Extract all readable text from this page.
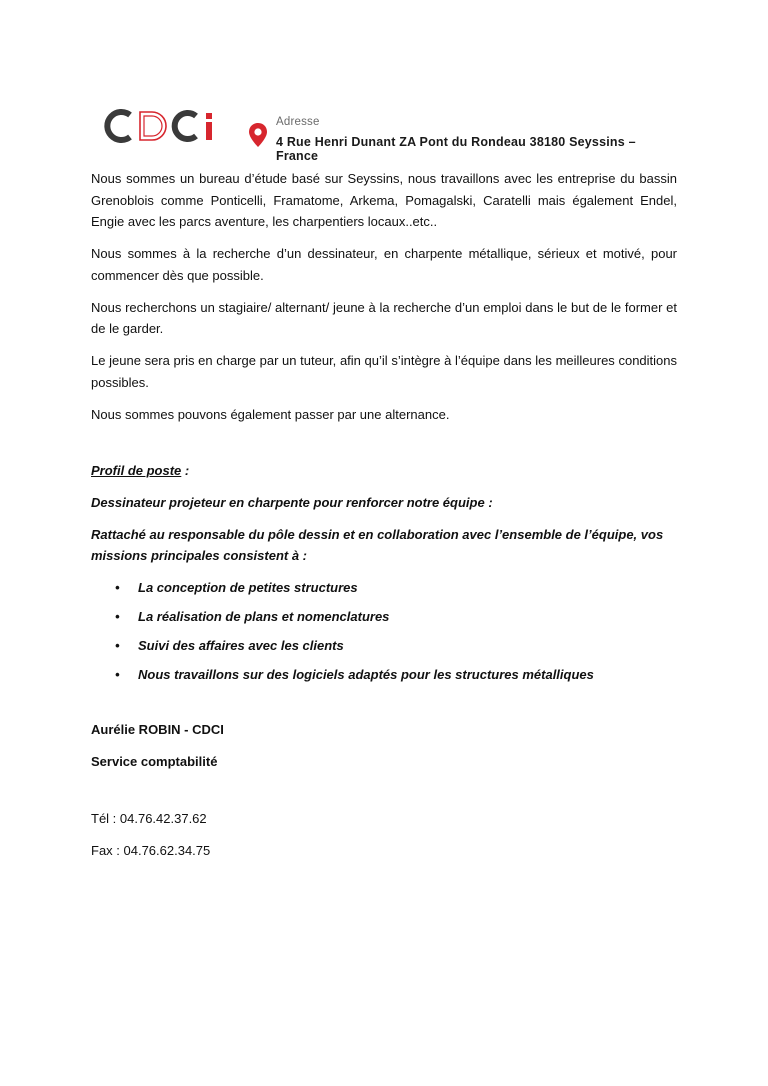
Adresse
4 Rue Henri Dunant ZA Pont du Rondeau 38180 Seyssins – France

Nous sommes un bureau d’étude basé sur Seyssins, nous travaillons avec les entreprise du bassin Grenoblois comme Ponticelli, Framatome, Arkema, Pomagalski, Caratelli mais également Endel, Engie avec les parcs aventure, les charpentiers locaux..etc..

Nous sommes à la recherche d’un dessinateur, en charpente métallique, sérieux et motivé, pour commencer dès que possible.

Nous recherchons un stagiaire/ alternant/ jeune à la recherche d’un emploi dans le but de le former et de le garder.

Le jeune sera pris en charge par un tuteur, afin qu’il s’intègre à l’équipe dans les meilleures conditions possibles.

Nous sommes pouvons également passer par une alternance.

Profil de poste :
Dessinateur projeteur en charpente pour renforcer notre équipe :
Rattaché au responsable du pôle dessin et en collaboration avec l’ensemble de l’équipe, vos missions principales consistent à :
• La conception de petites structures
• La réalisation de plans et nomenclatures
• Suivi des affaires avec les clients
• Nous travaillons sur des logiciels adaptés pour les structures métalliques
Aurélie ROBIN - CDCI
Service comptabilité
Tél : 04.76.42.37.62
Fax : 04.76.62.34.75
